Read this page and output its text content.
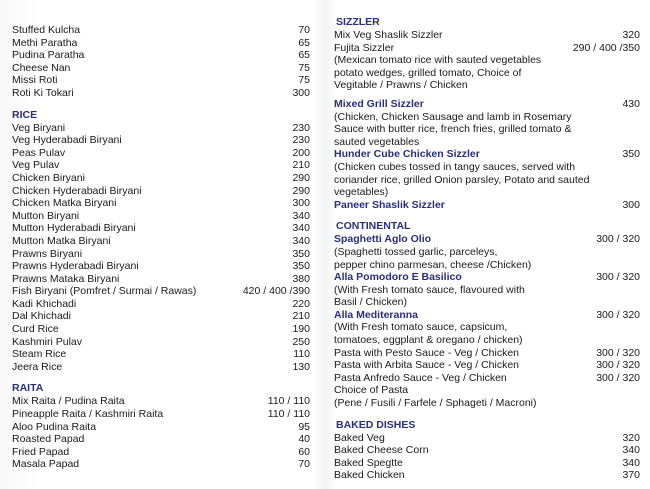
Stuffed Kulcha	70
Methi Paratha	65
Pudina Paratha	65
Cheese Nan	75
Missi Roti	75
Roti Ki Tokari	300
RICE
Veg Biryani	230
Veg Hyderabadi Biryani	230
Peas Pulav	200
Veg Pulav	210
Chicken Biryani	290
Chicken Hyderabadi Biryani	290
Chicken Matka Biryani	300
Mutton Biryani	340
Mutton Hyderabadi Biryani	340
Mutton Matka Biryani	340
Prawns Biryani	350
Prawns Hyderabadi Biryani	350
Prawns Mataka Biryani	380
Fish Biryani (Pomfret / Surmai / Rawas)	420 / 400 /390
Kadi Khichadi	220
Dal Khichadi	210
Curd Rice	190
Kashmiri Pulav	250
Steam Rice	110
Jeera Rice	130
RAITA
Mix Raita / Pudina Raita	110 / 110
Pineapple Raita / Kashmiri Raita	110 / 110
Aloo Pudina Raita	95
Roasted Papad	40
Fried Papad	60
Masala Papad	70
SIZZLER
Mix Veg Shaslik Sizzler	320
Fujita Sizzler	290 / 400 /350
(Mexican tomato rice with sauted vegetables
potato wedges, grilled tomato, Choice of
Vegitable / Prawns / Chicken
Mixed Grill Sizzler	430
(Chicken, Chicken Sausage and lamb in Rosemary
Sauce with butter rice, french fries, grilled tomato &
sauted vegetables
Hunder Cube Chicken Sizzler	350
(Chicken cubes tossed in tangy sauces, served with
coriander rice, grilled Onion parsley, Potato and sauted
vegetables)
Paneer Shaslik Sizzler	300
CONTINENTAL
Spaghetti Aglo Olio	300 / 320
(Spaghetti tossed garlic, parceleys,
pepper chino parmesan, cheese /Chicken)
Alla Pomodoro E Basilico	300 / 320
(With Fresh tomato sauce, flavoured with
Basil / Chicken)
Alla Mediteranna	300 / 320
(With Fresh tomato sauce, capsicum,
tomatoes, eggplant & oregano / chicken)
Pasta with Pesto Sauce - Veg / Chicken	300 / 320
Pasta with Arbita Sauce - Veg / Chicken	300 / 320
Pasta Anfredo Sauce - Veg / Chicken	300 / 320
Choice of Pasta
(Pene / Fusili / Farfele / Sphageti / Macroni)
BAKED DISHES
Baked Veg	320
Baked Cheese Corn	340
Baked Spegtte	340
Baked Chicken	370
